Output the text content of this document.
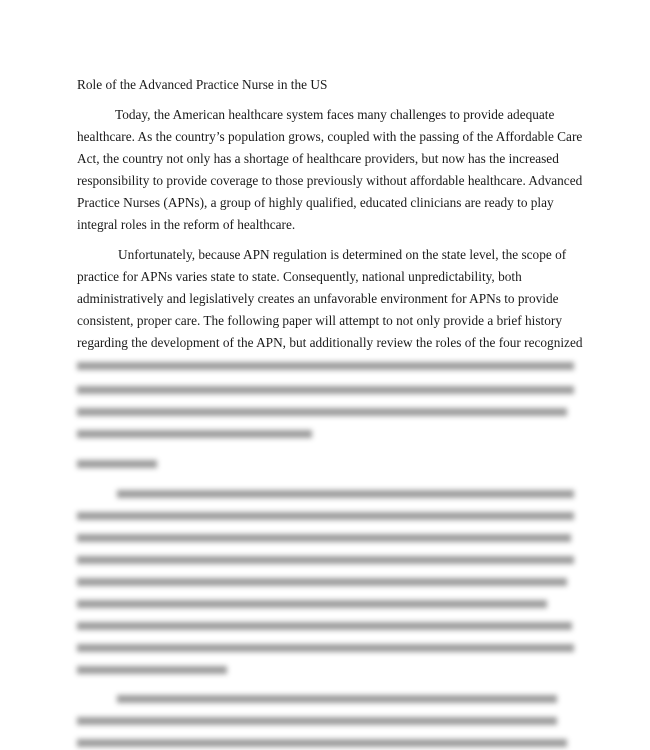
Role of the Advanced Practice Nurse in the US
Today, the American healthcare system faces many challenges to provide adequate
healthcare. As the country’s population grows, coupled with the passing of the Affordable Care
Act, the country not only has a shortage of healthcare providers, but now has the increased
responsibility to provide coverage to those previously without affordable healthcare. Advanced
Practice Nurses (APNs), a group of highly qualified, educated clinicians are ready to play
integral roles in the reform of healthcare.
Unfortunately, because APN regulation is determined on the state level, the scope of
practice for APNs varies state to state. Consequently, national unpredictability, both
administratively and legislatively creates an unfavorable environment for APNs to provide
consistent, proper care. The following paper will attempt to not only provide a brief history
regarding the development of the APN, but additionally review the roles of the four recognized
